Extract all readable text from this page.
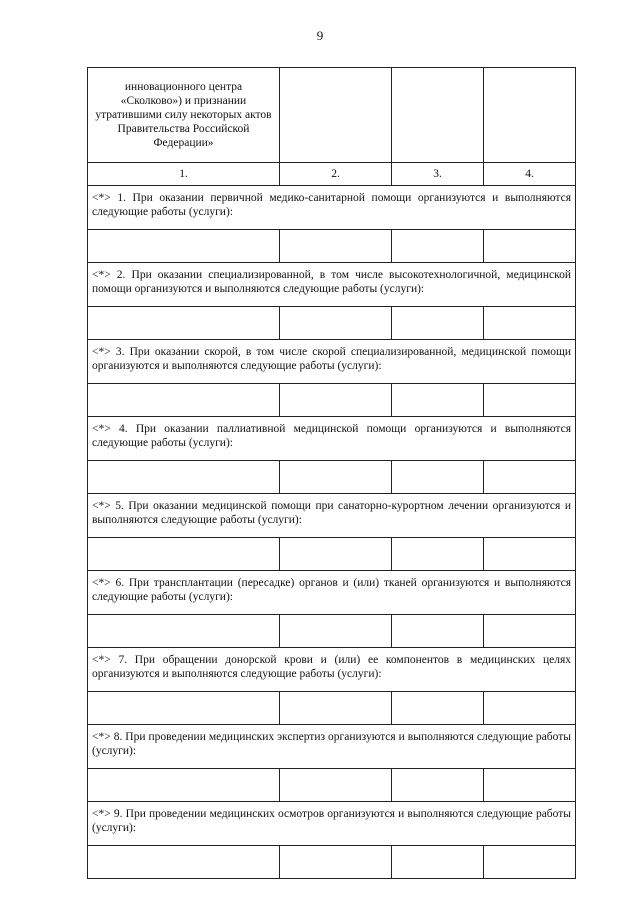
9
инновационного центра «Сколково») и признании утратившими силу некоторых актов Правительства Российской Федерации»			
1.	2.	3.	4.
<*> 1. При оказании первичной медико-санитарной помощи организуются и выполняются следующие работы (услуги):			

<*> 2. При оказании специализированной, в том числе высокотехнологичной, медицинской помощи организуются и выполняются следующие работы (услуги):			

<*> 3. При оказании скорой, в том числе скорой специализированной, медицинской помощи организуются и выполняются следующие работы (услуги):			

<*> 4. При оказании паллиативной медицинской помощи организуются и выполняются следующие работы (услуги):			

<*> 5. При оказании медицинской помощи при санаторно-курортном лечении организуются и выполняются следующие работы (услуги):			

<*> 6. При трансплантации (пересадке) органов и (или) тканей организуются и выполняются следующие работы (услуги):			

<*> 7. При обращении донорской крови и (или) ее компонентов в медицинских целях организуются и выполняются следующие работы (услуги):			

<*> 8. При проведении медицинских экспертиз организуются и выполняются следующие работы (услуги):			

<*> 9. При проведении медицинских осмотров организуются и выполняются следующие работы (услуги):			
